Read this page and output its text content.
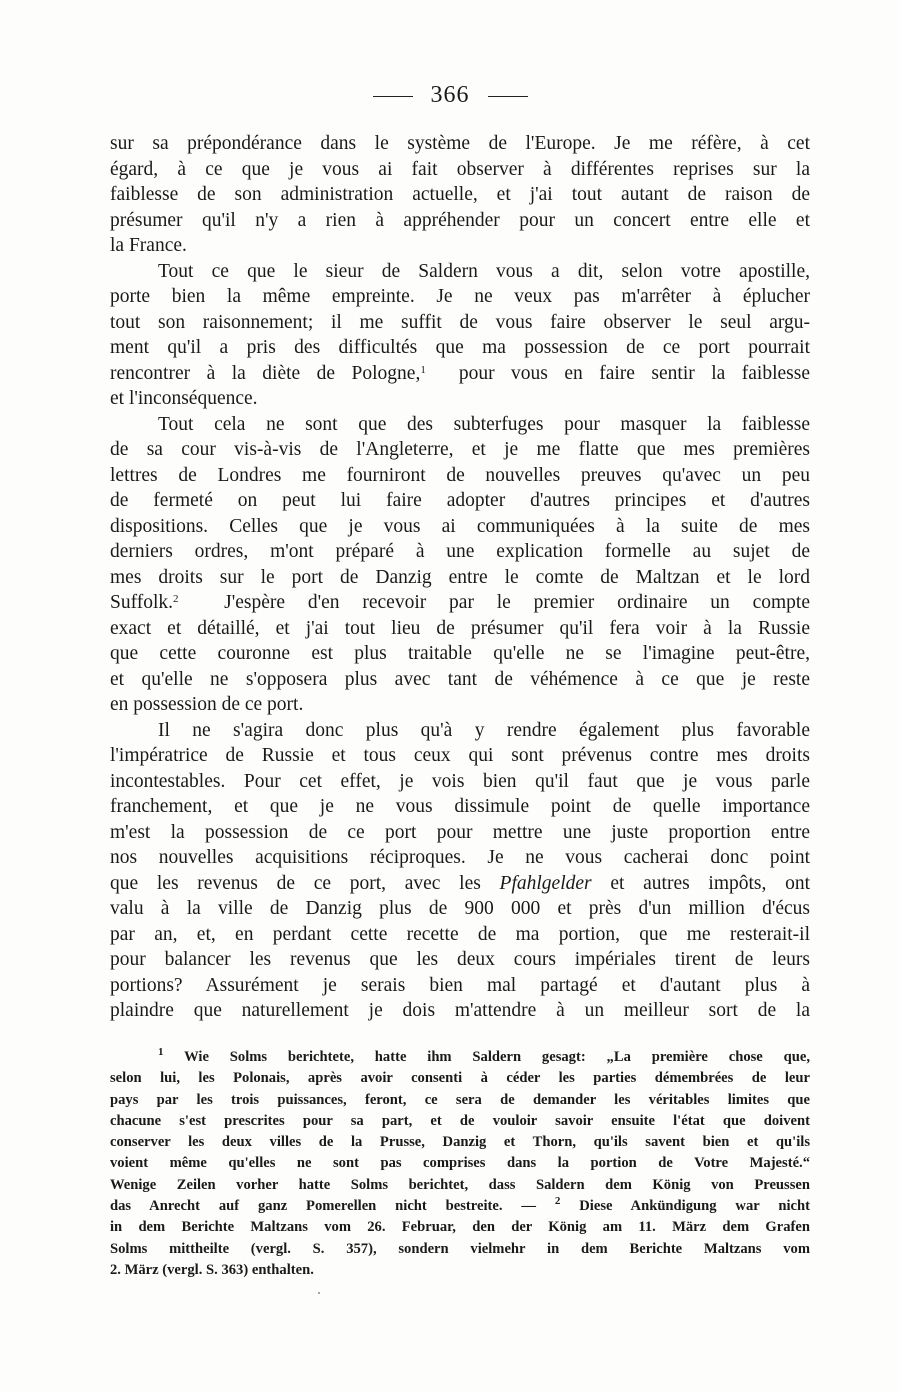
366
sur sa prépondérance dans le système de l'Europe. Je me réfère, à cet
égard, à ce que je vous ai fait observer à différentes reprises sur la
faiblesse de son administration actuelle, et j'ai tout autant de raison de
présumer qu'il n'y a rien à appréhender pour un concert entre elle et
la France.
Tout ce que le sieur de Saldern vous a dit, selon votre apostille,
porte bien la même empreinte. Je ne veux pas m'arrêter à éplucher
tout son raisonnement; il me suffit de vous faire observer le seul argu-
ment qu'il a pris des difficultés que ma possession de ce port pourrait
rencontrer à la diète de Pologne,$^1$ pour vous en faire sentir la faiblesse
et l'inconséquence.
Tout cela ne sont que des subterfuges pour masquer la faiblesse
de sa cour vis-à-vis de l'Angleterre, et je me flatte que mes premières
lettres de Londres me fourniront de nouvelles preuves qu'avec un peu
de fermeté on peut lui faire adopter d'autres principes et d'autres
dispositions. Celles que je vous ai communiquées à la suite de mes
derniers ordres, m'ont préparé à une explication formelle au sujet de
mes droits sur le port de Danzig entre le comte de Maltzan et le lord
Suffolk.$^2$ J'espère d'en recevoir par le premier ordinaire un compte
exact et détaillé, et j'ai tout lieu de présumer qu'il fera voir à la Russie
que cette couronne est plus traitable qu'elle ne se l'imagine peut-être,
et qu'elle ne s'opposera plus avec tant de véhémence à ce que je reste
en possession de ce port.
Il ne s'agira donc plus qu'à y rendre également plus favorable
l'impératrice de Russie et tous ceux qui sont prévenus contre mes droits
incontestables. Pour cet effet, je vois bien qu'il faut que je vous parle
franchement, et que je ne vous dissimule point de quelle importance
m'est la possession de ce port pour mettre une juste proportion entre
nos nouvelles acquisitions réciproques. Je ne vous cacherai donc point
que les revenus de ce port, avec les Pfahlgelder et autres impôts, ont
valu à la ville de Danzig plus de 900 000 et près d'un million d'écus
par an, et, en perdant cette recette de ma portion, que me resterait-il
pour balancer les revenus que les deux cours impériales tirent de leurs
portions? Assurément je serais bien mal partagé et d'autant plus à
plaindre que naturellement je dois m'attendre à un meilleur sort de la
$^1$ Wie Solms berichtete, hatte ihm Saldern gesagt: „La première chose que,
selon lui, les Polonais, après avoir consenti à céder les parties démembrées de leur
pays par les trois puissances, feront, ce sera de demander les véritables limites que
chacune s'est prescrites pour sa part, et de vouloir savoir ensuite l'état que doivent
conserver les deux villes de la Prusse, Danzig et Thorn, qu'ils savent bien et qu'ils
voient même qu'elles ne sont pas comprises dans la portion de Votre Majesté.“
Wenige Zeilen vorher hatte Solms berichtet, dass Saldern dem König von Preussen
das Anrecht auf ganz Pomerellen nicht bestreite. — $^2$ Diese Ankündigung war nicht
in dem Berichte Maltzans vom 26. Februar, den der König am 11. März dem Grafen
Solms mittheilte (vergl. S. 357), sondern vielmehr in dem Berichte Maltzans vom
2. März (vergl. S. 363) enthalten.
